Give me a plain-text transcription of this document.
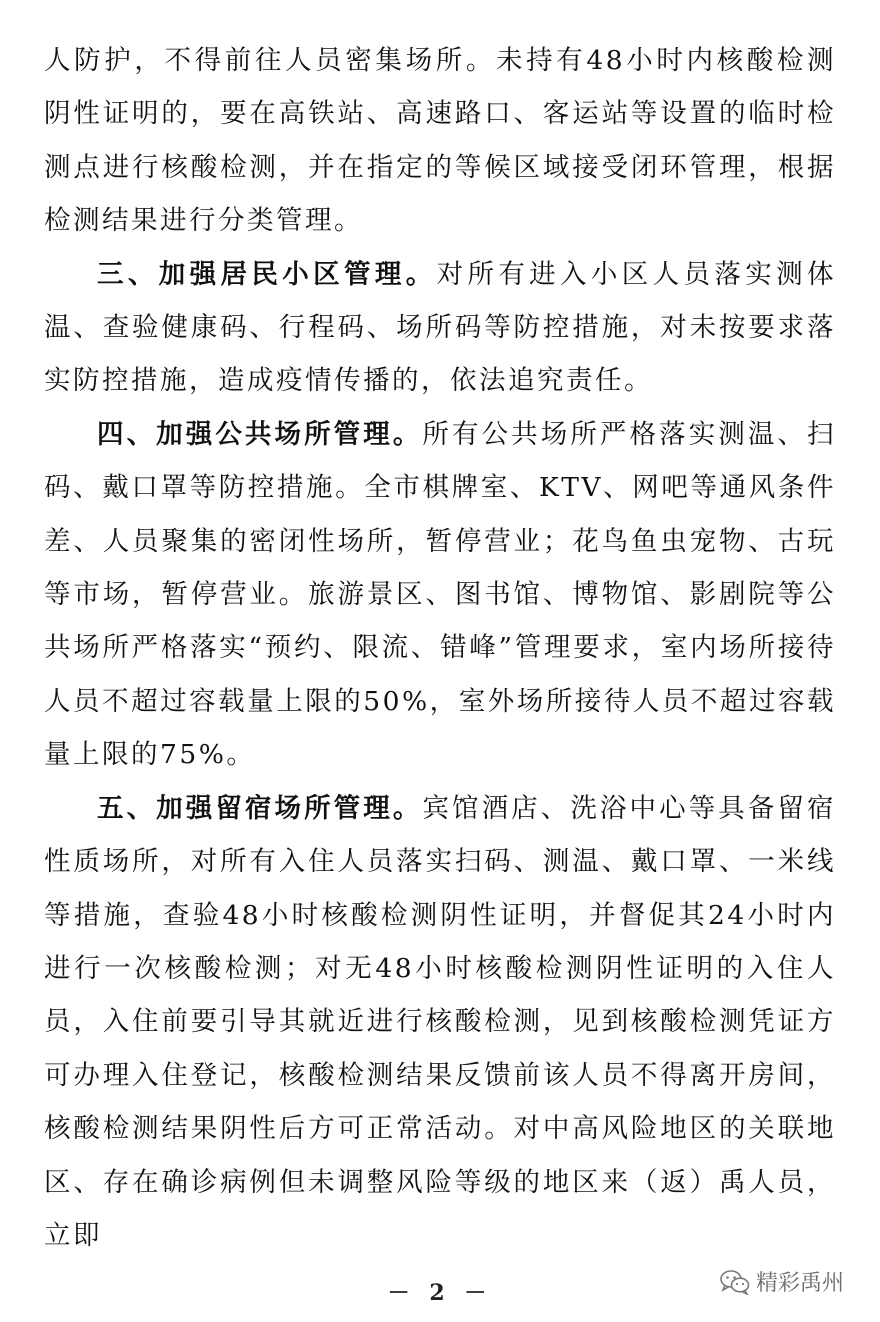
人防护，不得前往人员密集场所。未持有48小时内核酸检测阴性证明的，要在高铁站、高速路口、客运站等设置的临时检测点进行核酸检测，并在指定的等候区域接受闭环管理，根据检测结果进行分类管理。

三、加强居民小区管理。对所有进入小区人员落实测体温、查验健康码、行程码、场所码等防控措施，对未按要求落实防控措施，造成疫情传播的，依法追究责任。

四、加强公共场所管理。所有公共场所严格落实测温、扫码、戴口罩等防控措施。全市棋牌室、KTV、网吧等通风条件差、人员聚集的密闭性场所，暂停营业；花鸟鱼虫宠物、古玩等市场，暂停营业。旅游景区、图书馆、博物馆、影剧院等公共场所严格落实“预约、限流、错峰”管理要求，室内场所接待人员不超过容载量上限的50%，室外场所接待人员不超过容载量上限的75%。

五、加强留宿场所管理。宾馆酒店、洗浴中心等具备留宿性质场所，对所有入住人员落实扫码、测温、戴口罩、一米线等措施，查验48小时核酸检测阴性证明，并督促其24小时内进行一次核酸检测；对无48小时核酸检测阴性证明的入住人员，入住前要引导其就近进行核酸检测，见到核酸检测凭证方可办理入住登记，核酸检测结果反馈前该人员不得离开房间，核酸检测结果阴性后方可正常活动。对中高风险地区的关联地区、存在确诊病例但未调整风险等级的地区来（返）禹人员，立即

－ 2 －	精彩禹州
